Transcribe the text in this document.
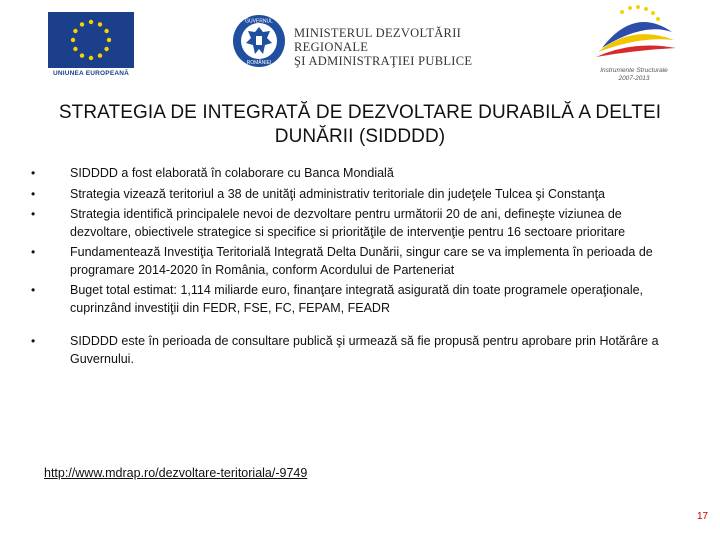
UNIUNEA EUROPEANĂ
GUVERNUL
ROMÂNIEI
MINISTERUL DEZVOLTĂRII REGIONALE
ŞI ADMINISTRAŢIEI PUBLICE
Instrumente Structurale
2007-2013
STRATEGIA DE INTEGRATĂ DE DEZVOLTARE DURABILĂ A DELTEI DUNĂRII (SIDDDD)
• SIDDDD a fost elaborată în colaborare cu Banca Mondială
• Strategia vizează teritoriul a 38 de unităţi administrativ teritoriale din judeţele Tulcea şi Constanţa
• Strategia identifică principalele nevoi de dezvoltare pentru următorii 20 de ani, defineşte viziunea de dezvoltare, obiectivele strategice si specifice si priorităţile de intervenţie pentru 16 sectoare prioritare
• Fundamentează Investiţia Teritorială Integrată Delta Dunării, singur care se va implementa în perioada de programare 2014-2020 în România, conform Acordului de Parteneriat
• Buget total estimat: 1,114 miliarde euro, finanţare integrată asigurată din toate programele operaţionale, cuprinzând investiţii din FEDR, FSE, FC, FEPAM, FEADR
• SIDDDD este în perioada de consultare publică şi urmează să fie propusă pentru aprobare prin Hotărâre a Guvernului.
http://www.mdrap.ro/dezvoltare-teritoriala/-9749
17
